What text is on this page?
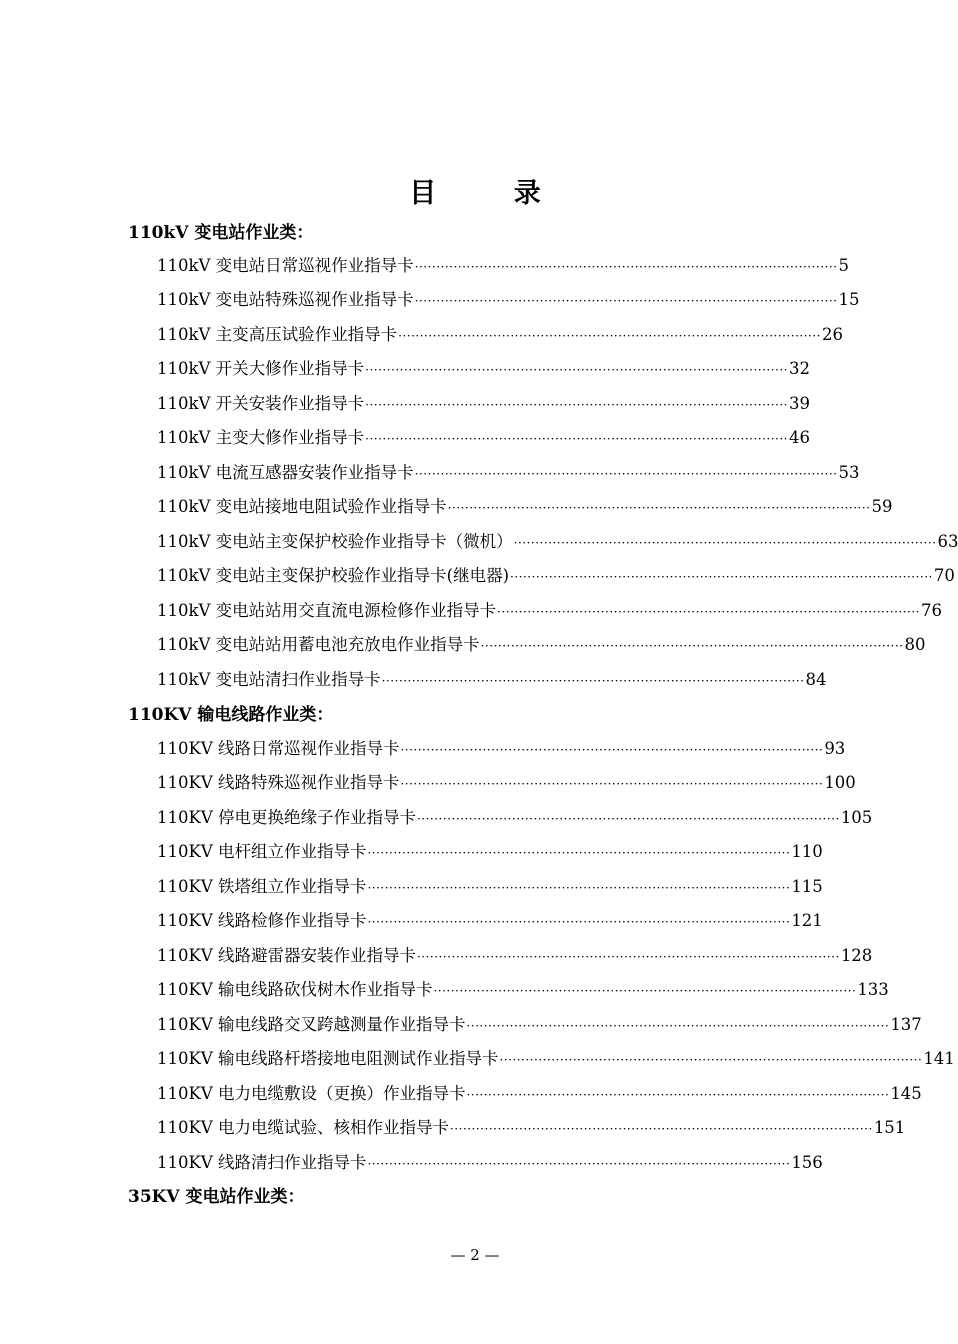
目 录
110kV 变电站作业类：
110kV 变电站日常巡视作业指导卡 ·································································································· 5
110kV 变电站特殊巡视作业指导卡 ·································································································· 15
110kV 主变高压试验作业指导卡 ·································································································· 26
110kV 开关大修作业指导卡 ·································································································· 32
110kV 开关安装作业指导卡 ·································································································· 39
110kV 主变大修作业指导卡 ·································································································· 46
110kV 电流互感器安装作业指导卡 ·································································································· 53
110kV 变电站接地电阻试验作业指导卡 ·································································································· 59
110kV 变电站主变保护校验作业指导卡（微机） ·································································································· 63
110kV 变电站主变保护校验作业指导卡(继电器) ·································································································· 70
110kV 变电站站用交直流电源检修作业指导卡 ·································································································· 76
110kV 变电站站用蓄电池充放电作业指导卡 ·································································································· 80
110kV 变电站清扫作业指导卡 ·································································································· 84
110KV 输电线路作业类：
110KV 线路日常巡视作业指导卡 ·································································································· 93
110KV 线路特殊巡视作业指导卡 ·································································································· 100
110KV 停电更换绝缘子作业指导卡 ·································································································· 105
110KV 电杆组立作业指导卡 ·································································································· 110
110KV 铁塔组立作业指导卡 ·································································································· 115
110KV 线路检修作业指导卡 ·································································································· 121
110KV 线路避雷器安装作业指导卡 ·································································································· 128
110KV 输电线路砍伐树木作业指导卡 ·································································································· 133
110KV 输电线路交叉跨越测量作业指导卡 ·································································································· 137
110KV 输电线路杆塔接地电阻测试作业指导卡 ·································································································· 141
110KV 电力电缆敷设（更换）作业指导卡 ·································································································· 145
110KV 电力电缆试验、核相作业指导卡 ·································································································· 151
110KV 线路清扫作业指导卡 ·································································································· 156
35KV 变电站作业类：
— 2 —
